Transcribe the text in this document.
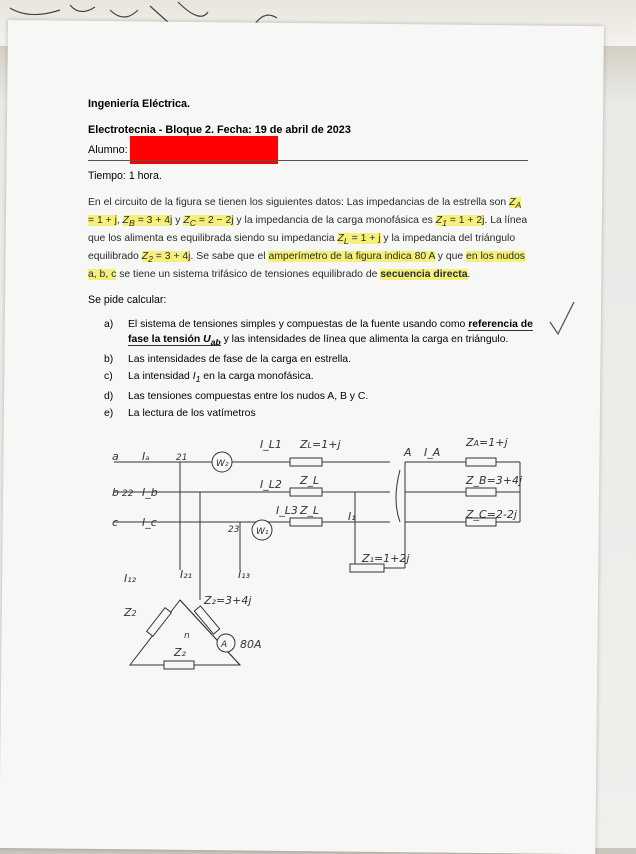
Ingeniería Eléctrica.
Electrotecnia - Bloque 2. Fecha: 19 de abril de 2023
Alumno:
Tiempo: 1 hora.

En el circuito de la figura se tienen los siguientes datos: Las impedancias de la estrella son $Z_A = 1 + j$, $Z_B = 3 + 4j$ y $Z_C = 2 - 2j$ y la impedancia de la carga monofásica es $Z_1 = 1 + 2j$. La línea que los alimenta es equilibrada siendo su impedancia $Z_L = 1 + j$ y la impedancia del triángulo equilibrado $Z_2 = 3 + 4j$. Se sabe que el amperímetro de la figura indica 80 A y que en los nudos a, b, c se tiene un sistema trifásico de tensiones equilibrado de secuencia directa.

Se pide calcular:
a) El sistema de tensiones simples y compuestas de la fuente usando como referencia de fase la tensión $U_{ab}$ y las intensidades de línea que alimenta la carga en triángulo.
b) Las intensidades de fase de la carga en estrella.
c) La intensidad $I_1$ en la carga monofásica.
d) Las tensiones compuestas entre los nudos A, B y C.
e) La lectura de los vatímetros
a
b
c
W₂
W₁
Iₐ
I_b
I_c
21
22
23
I_L1
I_L2
I_L3
ZL=1+j
Z_L
Z_L	I₁
Z₁=1+2j
A I_A
ZA=1+j
Z_B=3+4j
Z_C=2-2j
I₁₂	I₂₁	I₁₃
Z2
Z₂=3+4j
Z₂
n
A 80A
